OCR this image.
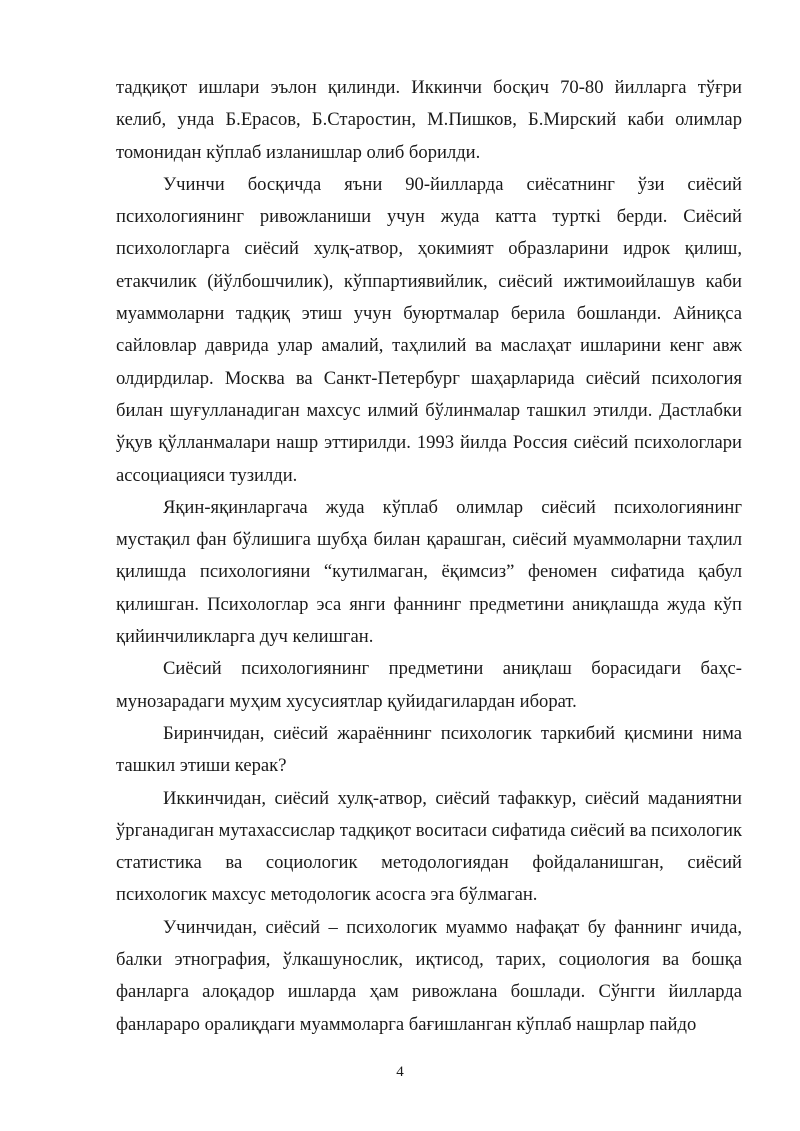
тадқиқот ишлари эълон қилинди. Иккинчи босқич 70-80 йилларга тўғри келиб, унда Б.Ерасов, Б.Старостин, М.Пишков, Б.Мирский каби олимлар томонидан кўплаб изланишлар олиб борилди.

Учинчи босқичда яъни 90-йилларда сиёсатнинг ўзи сиёсий психологиянинг ривожланиши учун жуда катта турткi берди. Сиёсий психологларга сиёсий хулқ-атвор, ҳокимият образларини идрок қилиш, етакчилик (йўлбошчилик), кўппартиявийлик, сиёсий ижтимоийлашув каби муаммоларни тадқиқ этиш учун буюртмалар берила бошланди. Айниқса сайловлар даврида улар амалий, таҳлилий ва маслаҳат ишларини кенг авж олдирдилар. Москва ва Санкт-Петербург шаҳарларида сиёсий психология билан шуғулланадиган махсус илмий бўлинмалар ташкил этилди. Дастлабки ўқув қўлланмалари нашр эттирилди. 1993 йилда Россия сиёсий психологлари ассоциацияси тузилди.

Яқин-яқинларгача жуда кўплаб олимлар сиёсий психологиянинг мустақил фан бўлишига шубҳа билан қарашган, сиёсий муаммоларни таҳлил қилишда психологияни “кутилмаган, ёқимсиз” феномен сифатида қабул қилишган. Психологлар эса янги фаннинг предметини аниқлашда жуда кўп қийинчиликларга дуч келишган.

Сиёсий психологиянинг предметини аниқлаш борасидаги баҳс-мунозарадаги муҳим хусусиятлар қуйидагилардан иборат.

Биринчидан, сиёсий жараённинг психологик таркибий қисмини нима ташкил этиши керак?

Иккинчидан, сиёсий хулқ-атвор, сиёсий тафаккур, сиёсий маданиятни ўрганадиган мутахассислар тадқиқот воситаси сифатида сиёсий ва психологик статистика ва социологик методологиядан фойдаланишган, сиёсий психологик махсус методологик асосга эга бўлмаган.

Учинчидан, сиёсий – психологик муаммо нафақат бу фаннинг ичида, балки этнография, ўлкашунослик, иқтисод, тарих, социология ва бошқа фанларга алоқадор ишларда ҳам ривожлана бошлади. Сўнгги йилларда фанлараро оралиқдаги муаммоларга бағишланган кўплаб нашрлар пайдо

4
